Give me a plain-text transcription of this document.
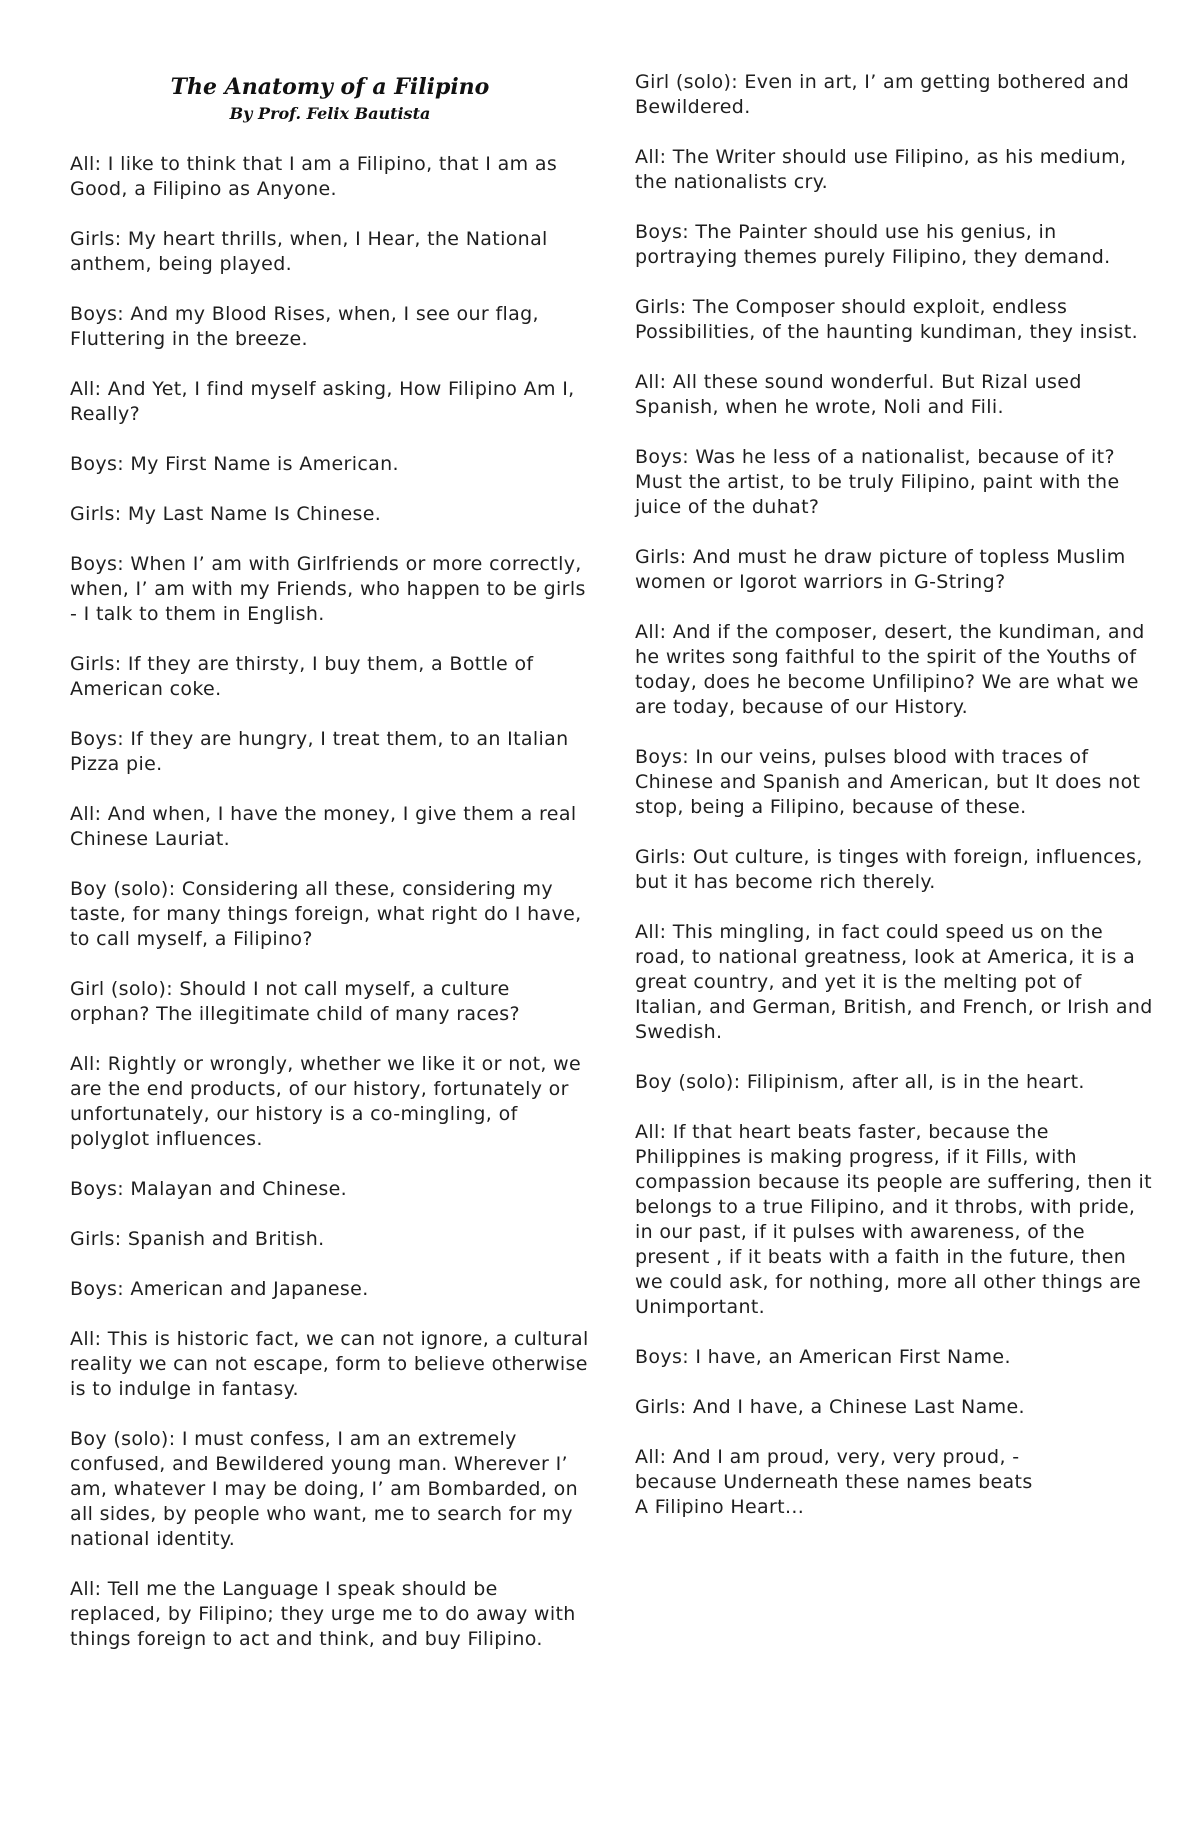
The Anatomy of a Filipino
By Prof. Felix Bautista

All: I like to think that I am a Filipino, that I am as Good, a Filipino as Anyone.

Girls: My heart thrills, when, I Hear, the National anthem, being played.

Boys: And my Blood Rises, when, I see our flag, Fluttering in the breeze.

All: And Yet, I find myself asking, How Filipino Am I, Really?

Boys: My First Name is American.

Girls: My Last Name Is Chinese.

Boys: When I’ am with Girlfriends or more correctly, when, I’ am with my Friends, who happen to be girls
- I talk to them in English.

Girls: If they are thirsty, I buy them, a Bottle of American coke.

Boys: If they are hungry, I treat them, to an Italian Pizza pie.

All: And when, I have the money, I give them a real Chinese Lauriat.

Boy (solo): Considering all these, considering my taste, for many things foreign, what right do I have, to call myself, a Filipino?

Girl (solo): Should I not call myself, a culture orphan? The illegitimate child of many races?

All: Rightly or wrongly, whether we like it or not, we are the end products, of our history, fortunately or unfortunately, our history is a co-mingling, of polyglot influences.

Boys: Malayan and Chinese.

Girls: Spanish and British.

Boys: American and Japanese.

All: This is historic fact, we can not ignore, a cultural reality we can not escape, form to believe otherwise is to indulge in fantasy.

Boy (solo): I must confess, I am an extremely confused, and Bewildered young man. Wherever I’ am, whatever I may be doing, I’ am Bombarded, on all sides, by people who want, me to search for my national identity.

All: Tell me the Language I speak should be replaced, by Filipino; they urge me to do away with things foreign to act and think, and buy Filipino.

Girl (solo): Even in art, I’ am getting bothered and Bewildered.

All: The Writer should use Filipino, as his medium, the nationalists cry.

Boys: The Painter should use his genius, in portraying themes purely Filipino, they demand.

Girls: The Composer should exploit, endless Possibilities, of the haunting kundiman, they insist.

All: All these sound wonderful. But Rizal used Spanish, when he wrote, Noli and Fili.

Boys: Was he less of a nationalist, because of it? Must the artist, to be truly Filipino, paint with the juice of the duhat?

Girls: And must he draw picture of topless Muslim women or Igorot warriors in G-String?

All: And if the composer, desert, the kundiman, and he writes song faithful to the spirit of the Youths of today, does he become Unfilipino? We are what we are today, because of our History.

Boys: In our veins, pulses blood with traces of Chinese and Spanish and American, but It does not stop, being a Filipino, because of these.

Girls: Out culture, is tinges with foreign, influences, but it has become rich therely.

All: This mingling, in fact could speed us on the road, to national greatness, look at America, it is a great country, and yet it is the melting pot of Italian, and German, British, and French, or Irish and Swedish.

Boy (solo): Filipinism, after all, is in the heart.

All: If that heart beats faster, because the Philippines is making progress, if it Fills, with compassion because its people are suffering, then it belongs to a true Filipino, and it throbs, with pride, in our past, if it pulses with awareness, of the present , if it beats with a faith in the future, then we could ask, for nothing, more all other things are Unimportant.

Boys: I have, an American First Name.

Girls: And I have, a Chinese Last Name.

All: And I am proud, very, very proud, -
because Underneath these names beats
A Filipino Heart...
